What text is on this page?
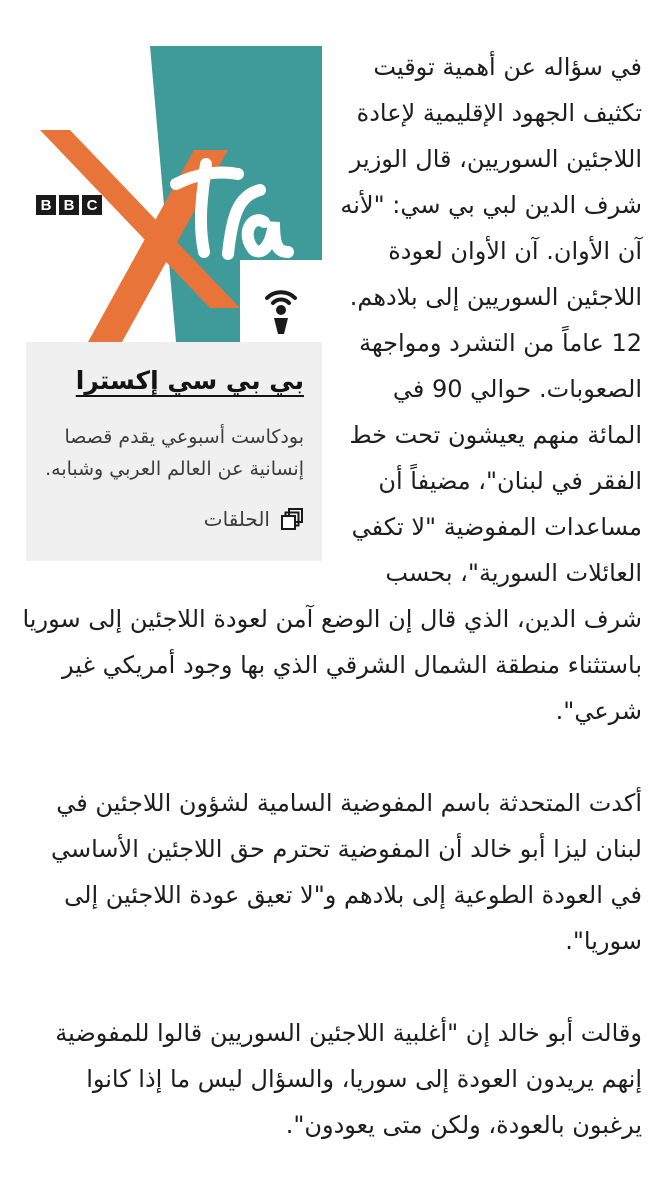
B B C
بي بي سي إكسترا

بودكاست أسبوعي يقدم قصصا إنسانية عن العالم العربي وشبابه.

الحلقات

في سؤاله عن أهمية توقيت تكثيف الجهود الإقليمية لإعادة اللاجئين السوريين، قال الوزير شرف الدين لبي بي سي: "لأنه آن الأوان. آن الأوان لعودة اللاجئين السوريين إلى بلادهم. 12 عاماً من التشرد ومواجهة الصعوبات. حوالي 90 في المائة منهم يعيشون تحت خط الفقر في لبنان"، مضيفاً أن مساعدات المفوضية "لا تكفي العائلات السورية"، بحسب شرف الدين، الذي قال إن الوضع آمن لعودة اللاجئين إلى سوريا باستثناء منطقة الشمال الشرقي الذي بها وجود أمريكي غير شرعي".

أكدت المتحدثة باسم المفوضية السامية لشؤون اللاجئين في لبنان ليزا أبو خالد أن المفوضية تحترم حق اللاجئين الأساسي في العودة الطوعية إلى بلادهم و"لا تعيق عودة اللاجئين إلى سوريا".

وقالت أبو خالد إن "أغلبية اللاجئين السوريين قالوا للمفوضية إنهم يريدون العودة إلى سوريا، والسؤال ليس ما إذا كانوا يرغبون بالعودة، ولكن متى يعودون".
